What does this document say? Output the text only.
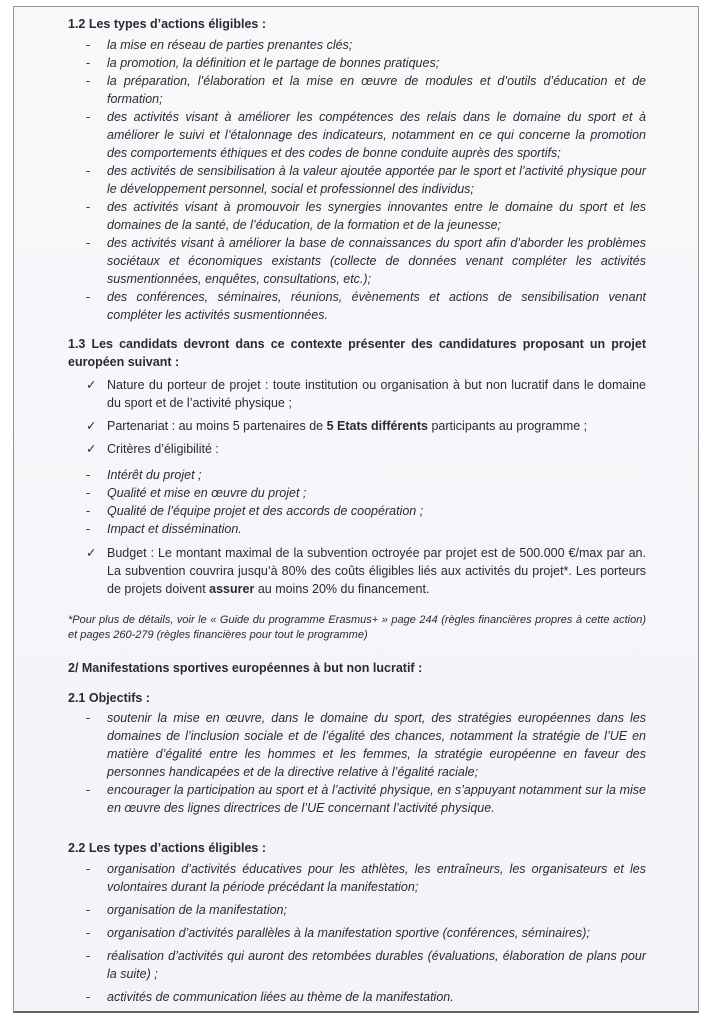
1.2 Les types d’actions éligibles :
-	la mise en réseau de parties prenantes clés;
-	la promotion, la définition et le partage de bonnes pratiques;
-	la préparation, l’élaboration et la mise en œuvre de modules et d’outils d’éducation et de formation;
-	des activités visant à améliorer les compétences des relais dans le domaine du sport et à améliorer le suivi et l’étalonnage des indicateurs, notamment en ce qui concerne la promotion des comportements éthiques et des codes de bonne conduite auprès des sportifs;
-	des activités de sensibilisation à la valeur ajoutée apportée par le sport et l’activité physique pour le développement personnel, social et professionnel des individus;
-	des activités visant à promouvoir les synergies innovantes entre le domaine du sport et les domaines de la santé, de l’éducation, de la formation et de la jeunesse;
-	des activités visant à améliorer la base de connaissances du sport afin d’aborder les problèmes sociétaux et économiques existants (collecte de données venant compléter les activités susmentionnées, enquêtes, consultations, etc.);
-	des conférences, séminaires, réunions, évènements et actions de sensibilisation venant compléter les activités susmentionnées.
1.3 Les candidats devront dans ce contexte présenter des candidatures proposant un projet européen suivant :
✓ Nature du porteur de projet : toute institution ou organisation à but non lucratif dans le domaine du sport et de l’activité physique ;
✓ Partenariat : au moins 5 partenaires de 5 Etats différents participants au programme ;
✓ Critères d’éligibilité :
-	Intérêt du projet ;
-	Qualité et mise en œuvre du projet ;
-	Qualité de l’équipe projet et des accords de coopération ;
-	Impact et dissémination.
✓ Budget : Le montant maximal de la subvention octroyée par projet est de 500.000 €/max par an. La subvention couvrira jusqu’à 80% des coûts éligibles liés aux activités du projet*. Les porteurs de projets doivent assurer au moins 20% du financement.
*Pour plus de détails, voir le « Guide du programme Erasmus+ » page 244 (règles financières propres à cette action) et pages 260-279 (règles financières pour tout le programme)
2/ Manifestations sportives européennes à but non lucratif :
2.1 Objectifs :
-	soutenir la mise en œuvre, dans le domaine du sport, des stratégies européennes dans les domaines de l’inclusion sociale et de l’égalité des chances, notamment la stratégie de l’UE en matière d’égalité entre les hommes et les femmes, la stratégie européenne en faveur des personnes handicapées et de la directive relative à l’égalité raciale;
-	encourager la participation au sport et à l’activité physique, en s’appuyant notamment sur la mise en œuvre des lignes directrices de l’UE concernant l’activité physique.
2.2 Les types d’actions éligibles :
-	organisation d’activités éducatives pour les athlètes, les entraîneurs, les organisateurs et les volontaires durant la période précédant la manifestation;
-	organisation de la manifestation;
-	organisation d’activités parallèles à la manifestation sportive (conférences, séminaires);
-	réalisation d’activités qui auront des retombées durables (évaluations, élaboration de plans pour la suite) ;
-	activités de communication liées au thème de la manifestation.
